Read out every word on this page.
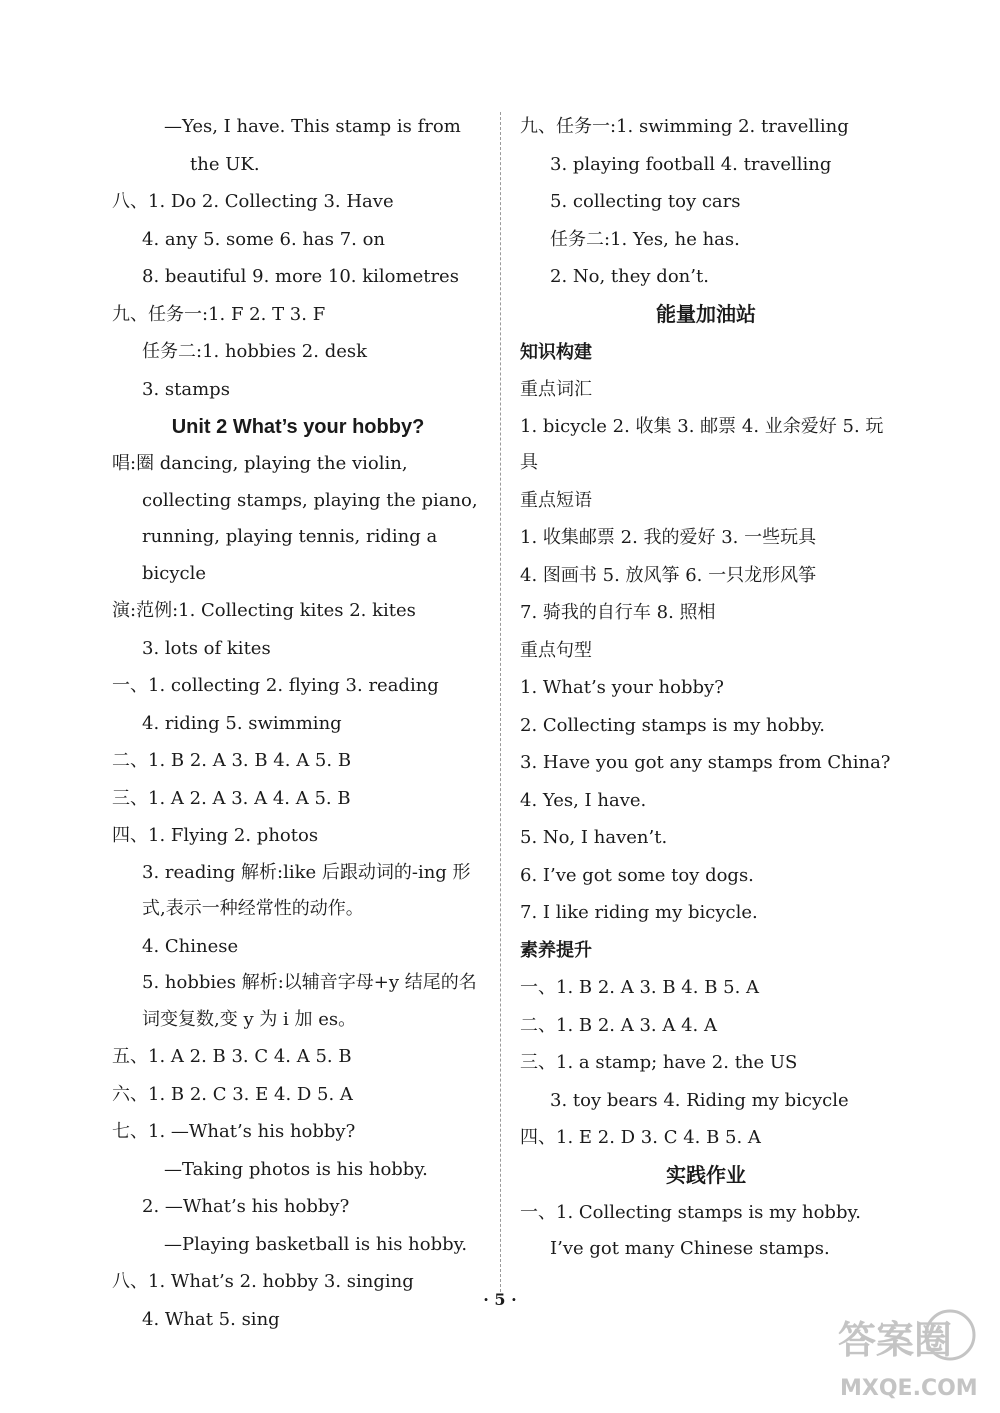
—Yes, I have. This stamp is from
the UK.
八、1. Do 2. Collecting 3. Have
4. any 5. some 6. has 7. on
8. beautiful 9. more 10. kilometres
九、任务一:1. F 2. T 3. F
任务二:1. hobbies 2. desk
3. stamps
Unit 2 What’s your hobby?
唱:圈 dancing, playing the violin, collecting stamps, playing the piano, running, playing tennis, riding a bicycle
演:范例:1. Collecting kites 2. kites
3. lots of kites
一、1. collecting 2. flying 3. reading
4. riding 5. swimming
二、1. B 2. A 3. B 4. A 5. B
三、1. A 2. A 3. A 4. A 5. B
四、1. Flying 2. photos
3. reading 解析:like 后跟动词的-ing 形式,表示一种经常性的动作。
4. Chinese
5. hobbies 解析:以辅音字母+y 结尾的名词变复数,变 y 为 i 加 es。
五、1. A 2. B 3. C 4. A 5. B
六、1. B 2. C 3. E 4. D 5. A
七、1. —What’s his hobby?
—Taking photos is his hobby.
2. —What’s his hobby?
—Playing basketball is his hobby.
八、1. What’s 2. hobby 3. singing
4. What 5. sing
九、任务一:1. swimming 2. travelling
3. playing football 4. travelling
5. collecting toy cars
任务二:1. Yes, he has.
2. No, they don’t.
能量加油站
知识构建
重点词汇
1. bicycle 2. 收集 3. 邮票 4. 业余爱好 5. 玩具
重点短语
1. 收集邮票 2. 我的爱好 3. 一些玩具
4. 图画书 5. 放风筝 6. 一只龙形风筝
7. 骑我的自行车 8. 照相
重点句型
1. What’s your hobby?
2. Collecting stamps is my hobby.
3. Have you got any stamps from China?
4. Yes, I have.
5. No, I haven’t.
6. I’ve got some toy dogs.
7. I like riding my bicycle.
素养提升
一、1. B 2. A 3. B 4. B 5. A
二、1. B 2. A 3. A 4. A
三、1. a stamp; have 2. the US
3. toy bears 4. Riding my bicycle
四、1. E 2. D 3. C 4. B 5. A
实践作业
一、1. Collecting stamps is my hobby. I’ve got many Chinese stamps.
· 5 ·
答案圈
MXQE.COM
